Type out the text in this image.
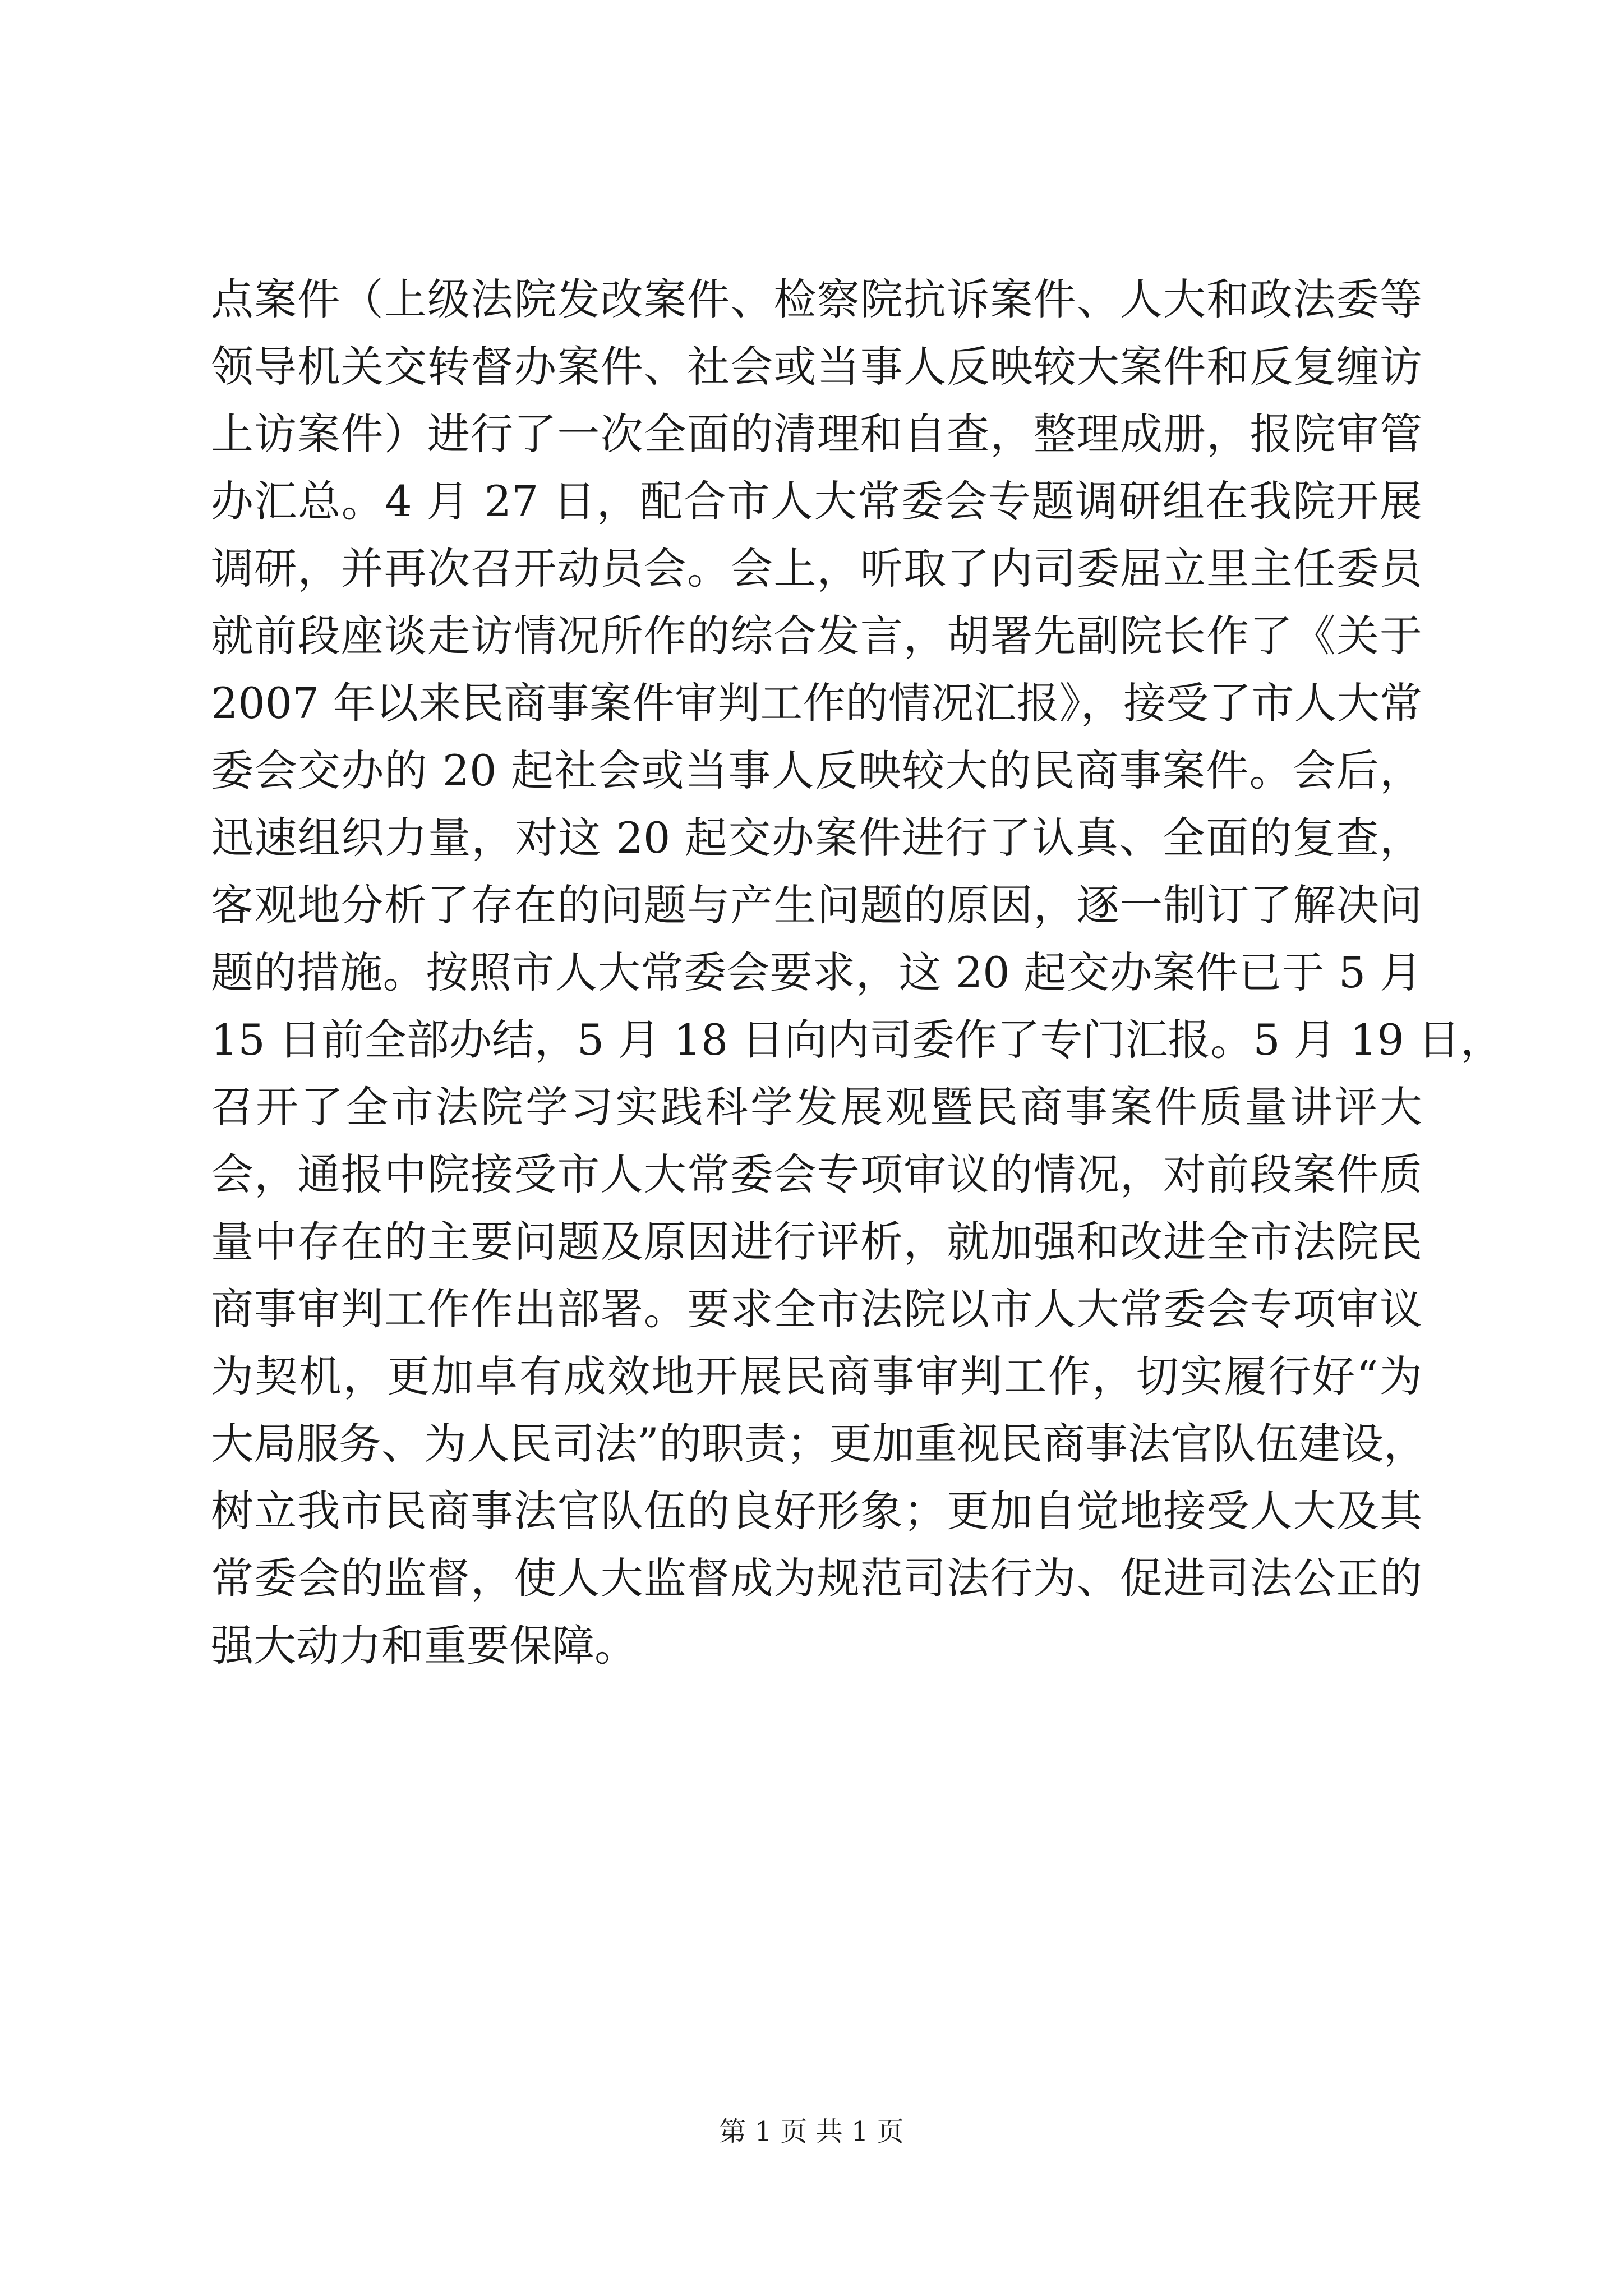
点案件（上级法院发改案件、检察院抗诉案件、人大和政法委等
领导机关交转督办案件、社会或当事人反映较大案件和反复缠访
上访案件）进行了一次全面的清理和自查，整理成册，报院审管
办汇总。4 月 27 日，配合市人大常委会专题调研组在我院开展
调研，并再次召开动员会。会上，听取了内司委屈立里主任委员
就前段座谈走访情况所作的综合发言，胡署先副院长作了《关于
2007 年以来民商事案件审判工作的情况汇报》，接受了市人大常
委会交办的 20 起社会或当事人反映较大的民商事案件。会后，
迅速组织力量，对这 20 起交办案件进行了认真、全面的复查，
客观地分析了存在的问题与产生问题的原因，逐一制订了解决问
题的措施。按照市人大常委会要求，这 20 起交办案件已于 5 月
15 日前全部办结，5 月 18 日向内司委作了专门汇报。5 月 19 日，
召开了全市法院学习实践科学发展观暨民商事案件质量讲评大
会，通报中院接受市人大常委会专项审议的情况，对前段案件质
量中存在的主要问题及原因进行评析，就加强和改进全市法院民
商事审判工作作出部署。要求全市法院以市人大常委会专项审议
为契机，更加卓有成效地开展民商事审判工作，切实履行好“为
大局服务、为人民司法”的职责；更加重视民商事法官队伍建设，
树立我市民商事法官队伍的良好形象；更加自觉地接受人大及其
常委会的监督，使人大监督成为规范司法行为、促进司法公正的
强大动力和重要保障。
第 1 页 共 1 页
